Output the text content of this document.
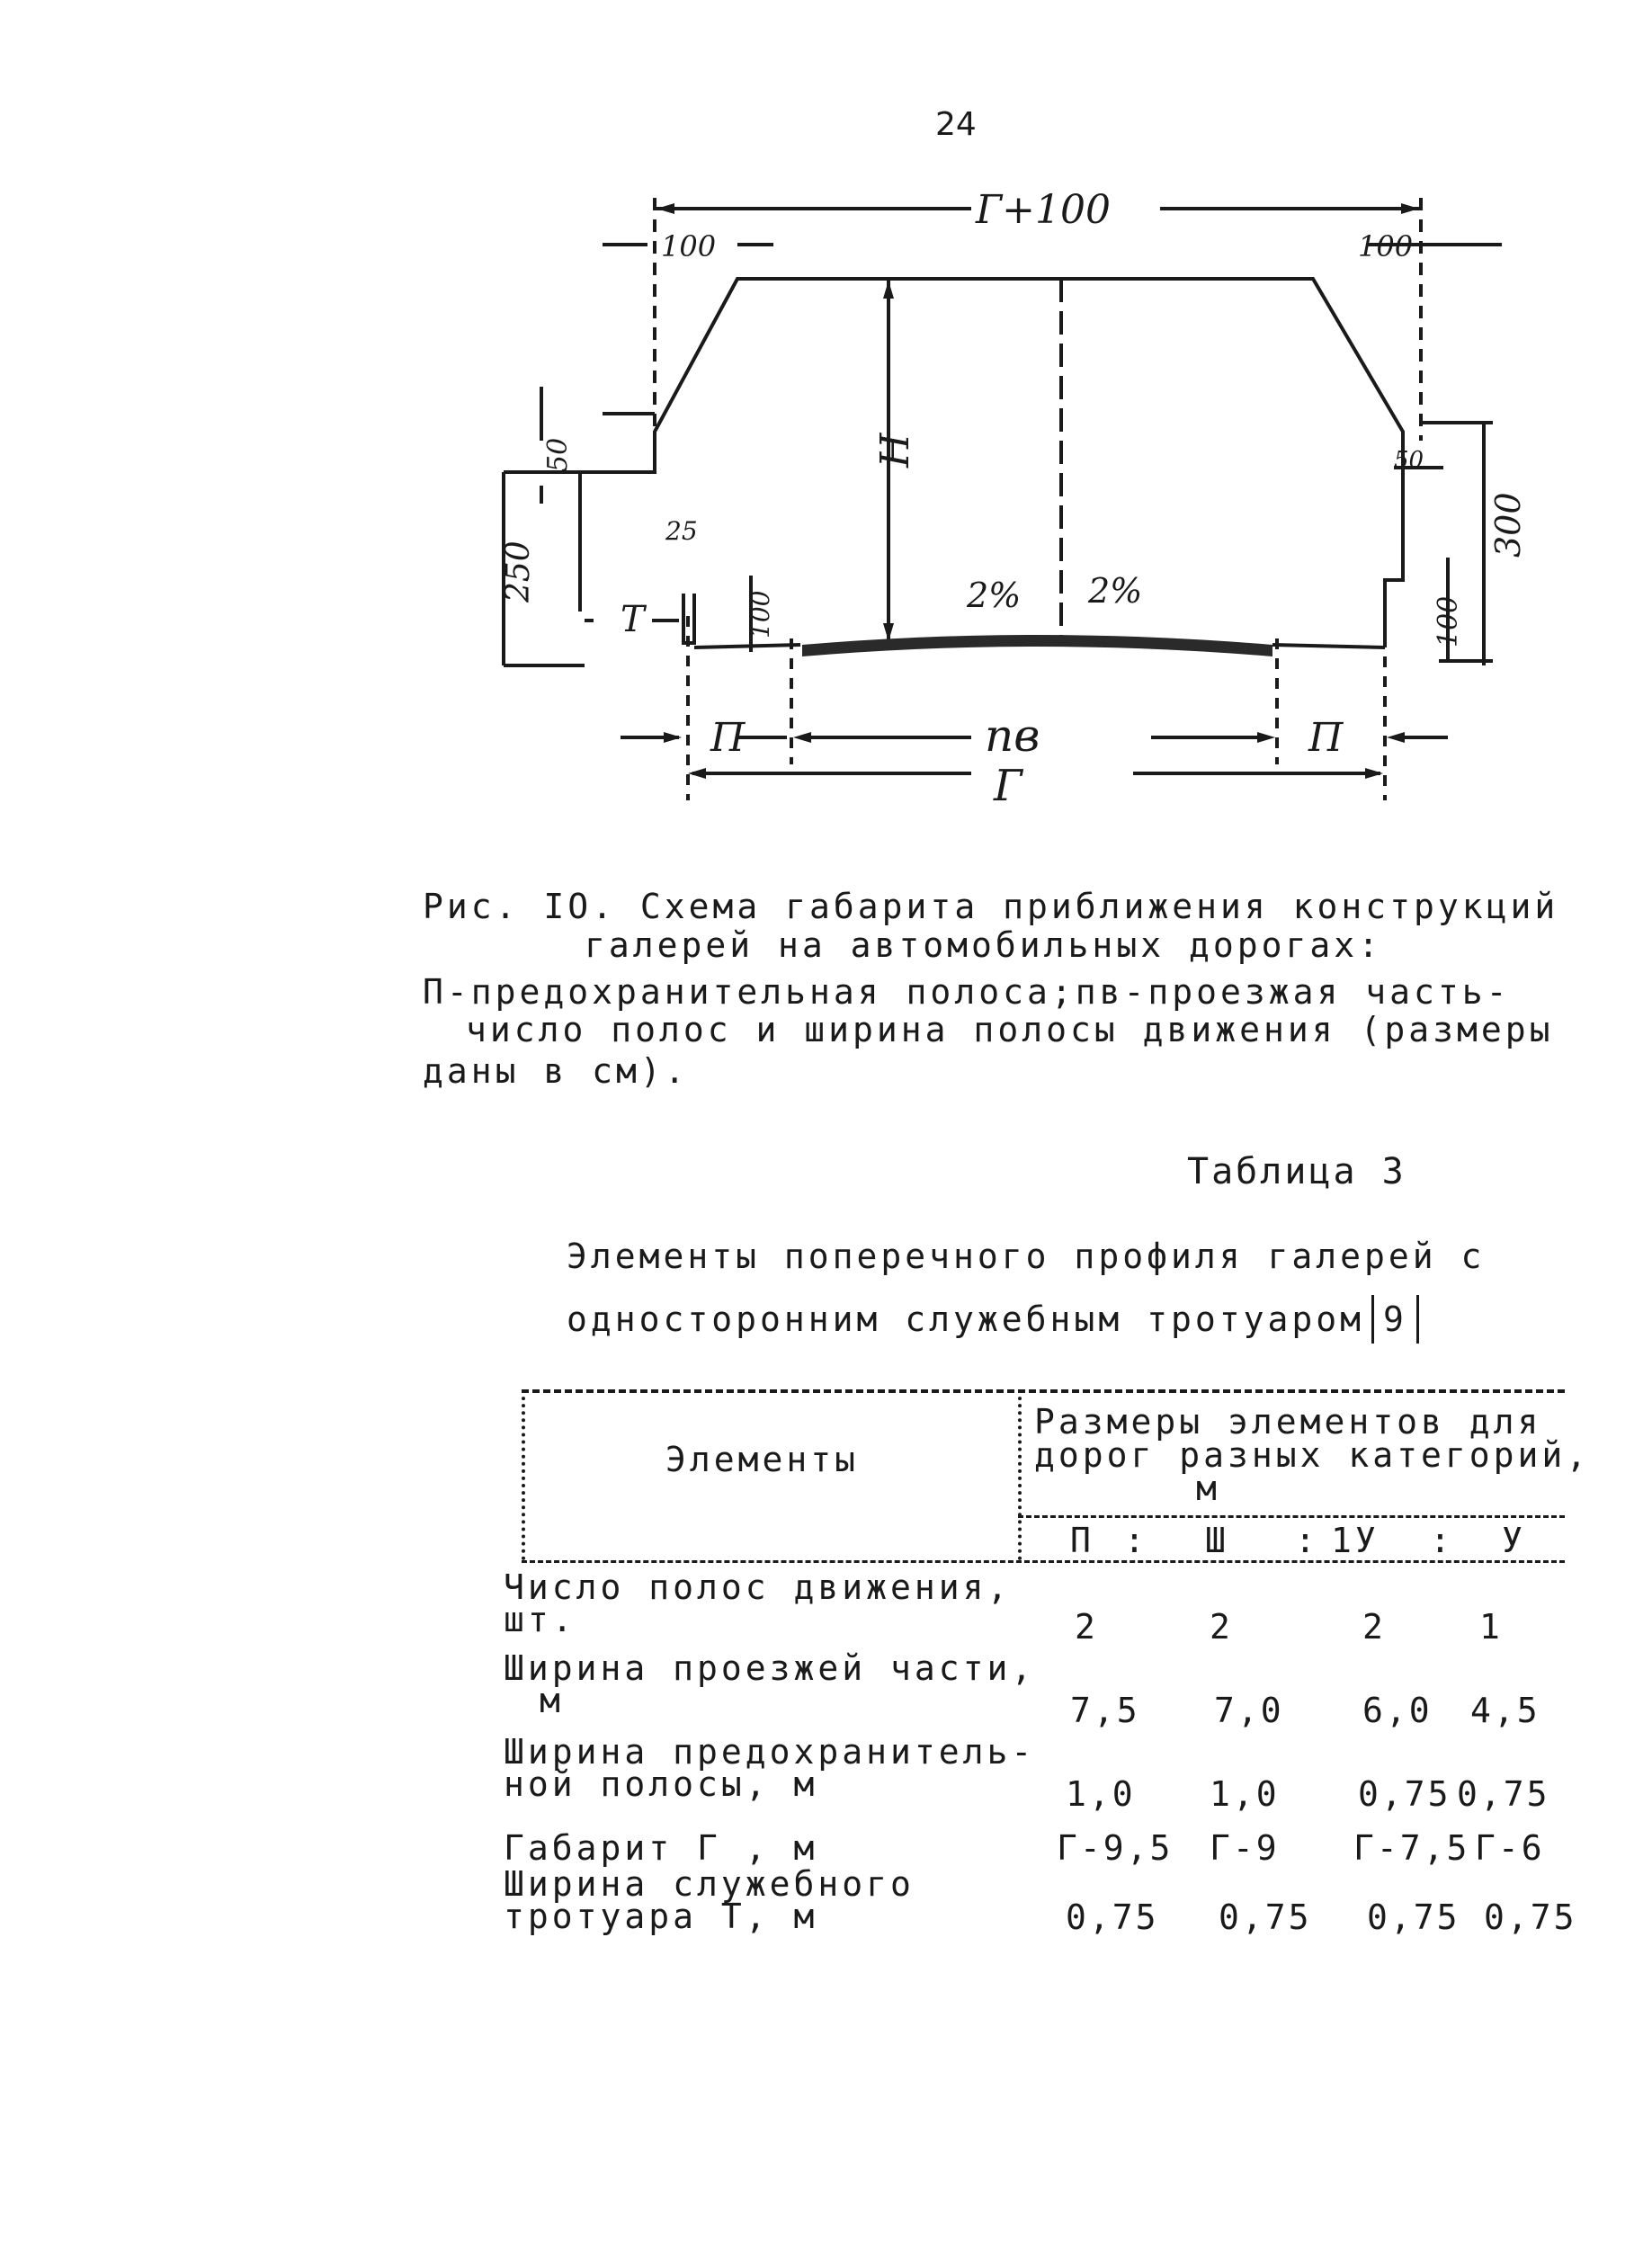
24
Г+100
100	100
H
50
250
25
Т	100	2% 2%
50
300
100
П	пв	П
Г
Рис. IO. Схема габарита приближения конструкций
галерей на автомобильных дорогах:
П-предохранительная полоса;пв-проезжая часть-
число полос и ширина полосы движения (размеры
даны в см).
Таблица 3
Элементы поперечного профиля галерей с
односторонним служебным тротуаром 9
Элементы
Размеры элементов для
дорог разных категорий,
м
П : Ш : 1У : У
Число полос движения,
шт.	2	2	2	1
Ширина проезжей части,
м	7,5 7,0 6,0 4,5
Ширина предохранитель-
ной полосы, м	1,0 1,0 0,75 0,75
Габарит Г , м	Г-9,5 Г-9 Г-7,5 Г-6
Ширина служебного
тротуара Т, м	0,75 0,75 0,75 0,75
